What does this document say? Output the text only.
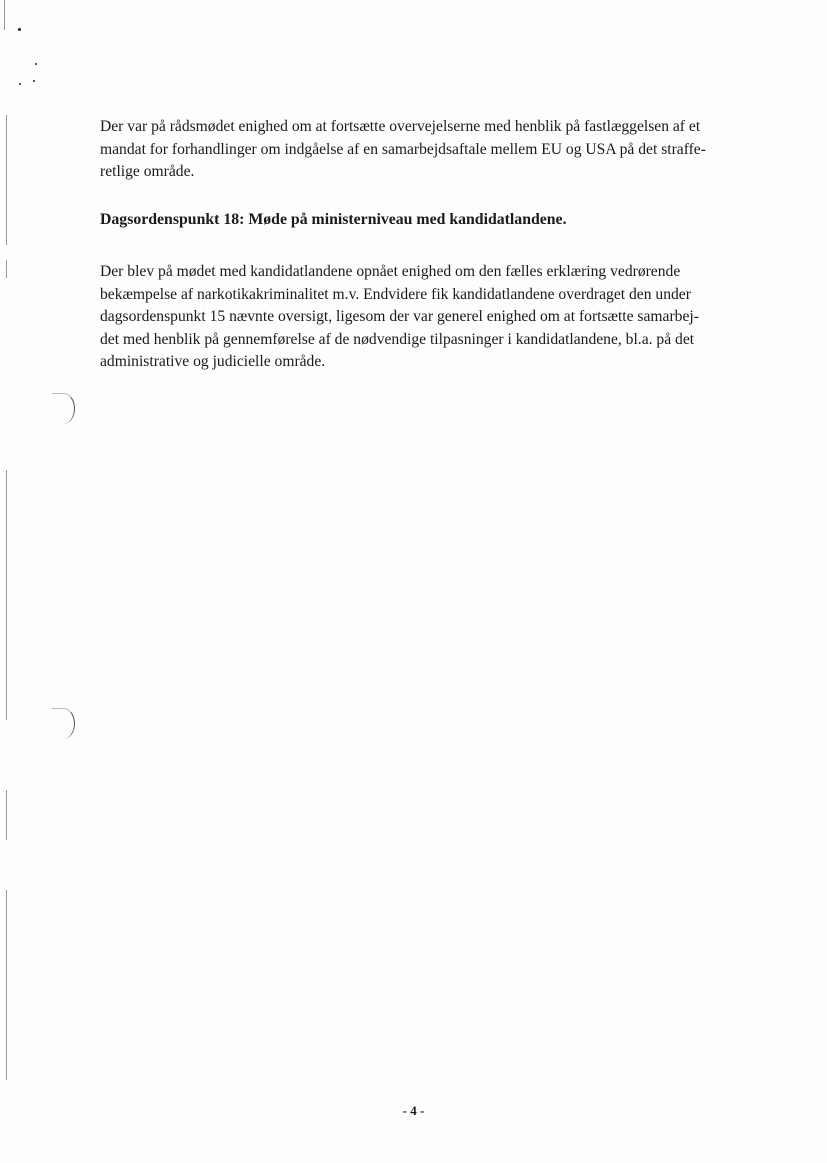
Der var på rådsmødet enighed om at fortsætte overvejelserne med henblik på fastlæggelsen af et
mandat for forhandlinger om indgåelse af en samarbejdsaftale mellem EU og USA på det straffe-
retlige område.
Dagsordenspunkt 18: Møde på ministerniveau med kandidatlandene.
Der blev på mødet med kandidatlandene opnået enighed om den fælles erklæring vedrørende
bekæmpelse af narkotikakriminalitet m.v. Endvidere fik kandidatlandene overdraget den under
dagsordenspunkt 15 nævnte oversigt, ligesom der var generel enighed om at fortsætte samarbej-
det med henblik på gennemførelse af de nødvendige tilpasninger i kandidatlandene, bl.a. på det
administrative og judicielle område.
- 4 -
